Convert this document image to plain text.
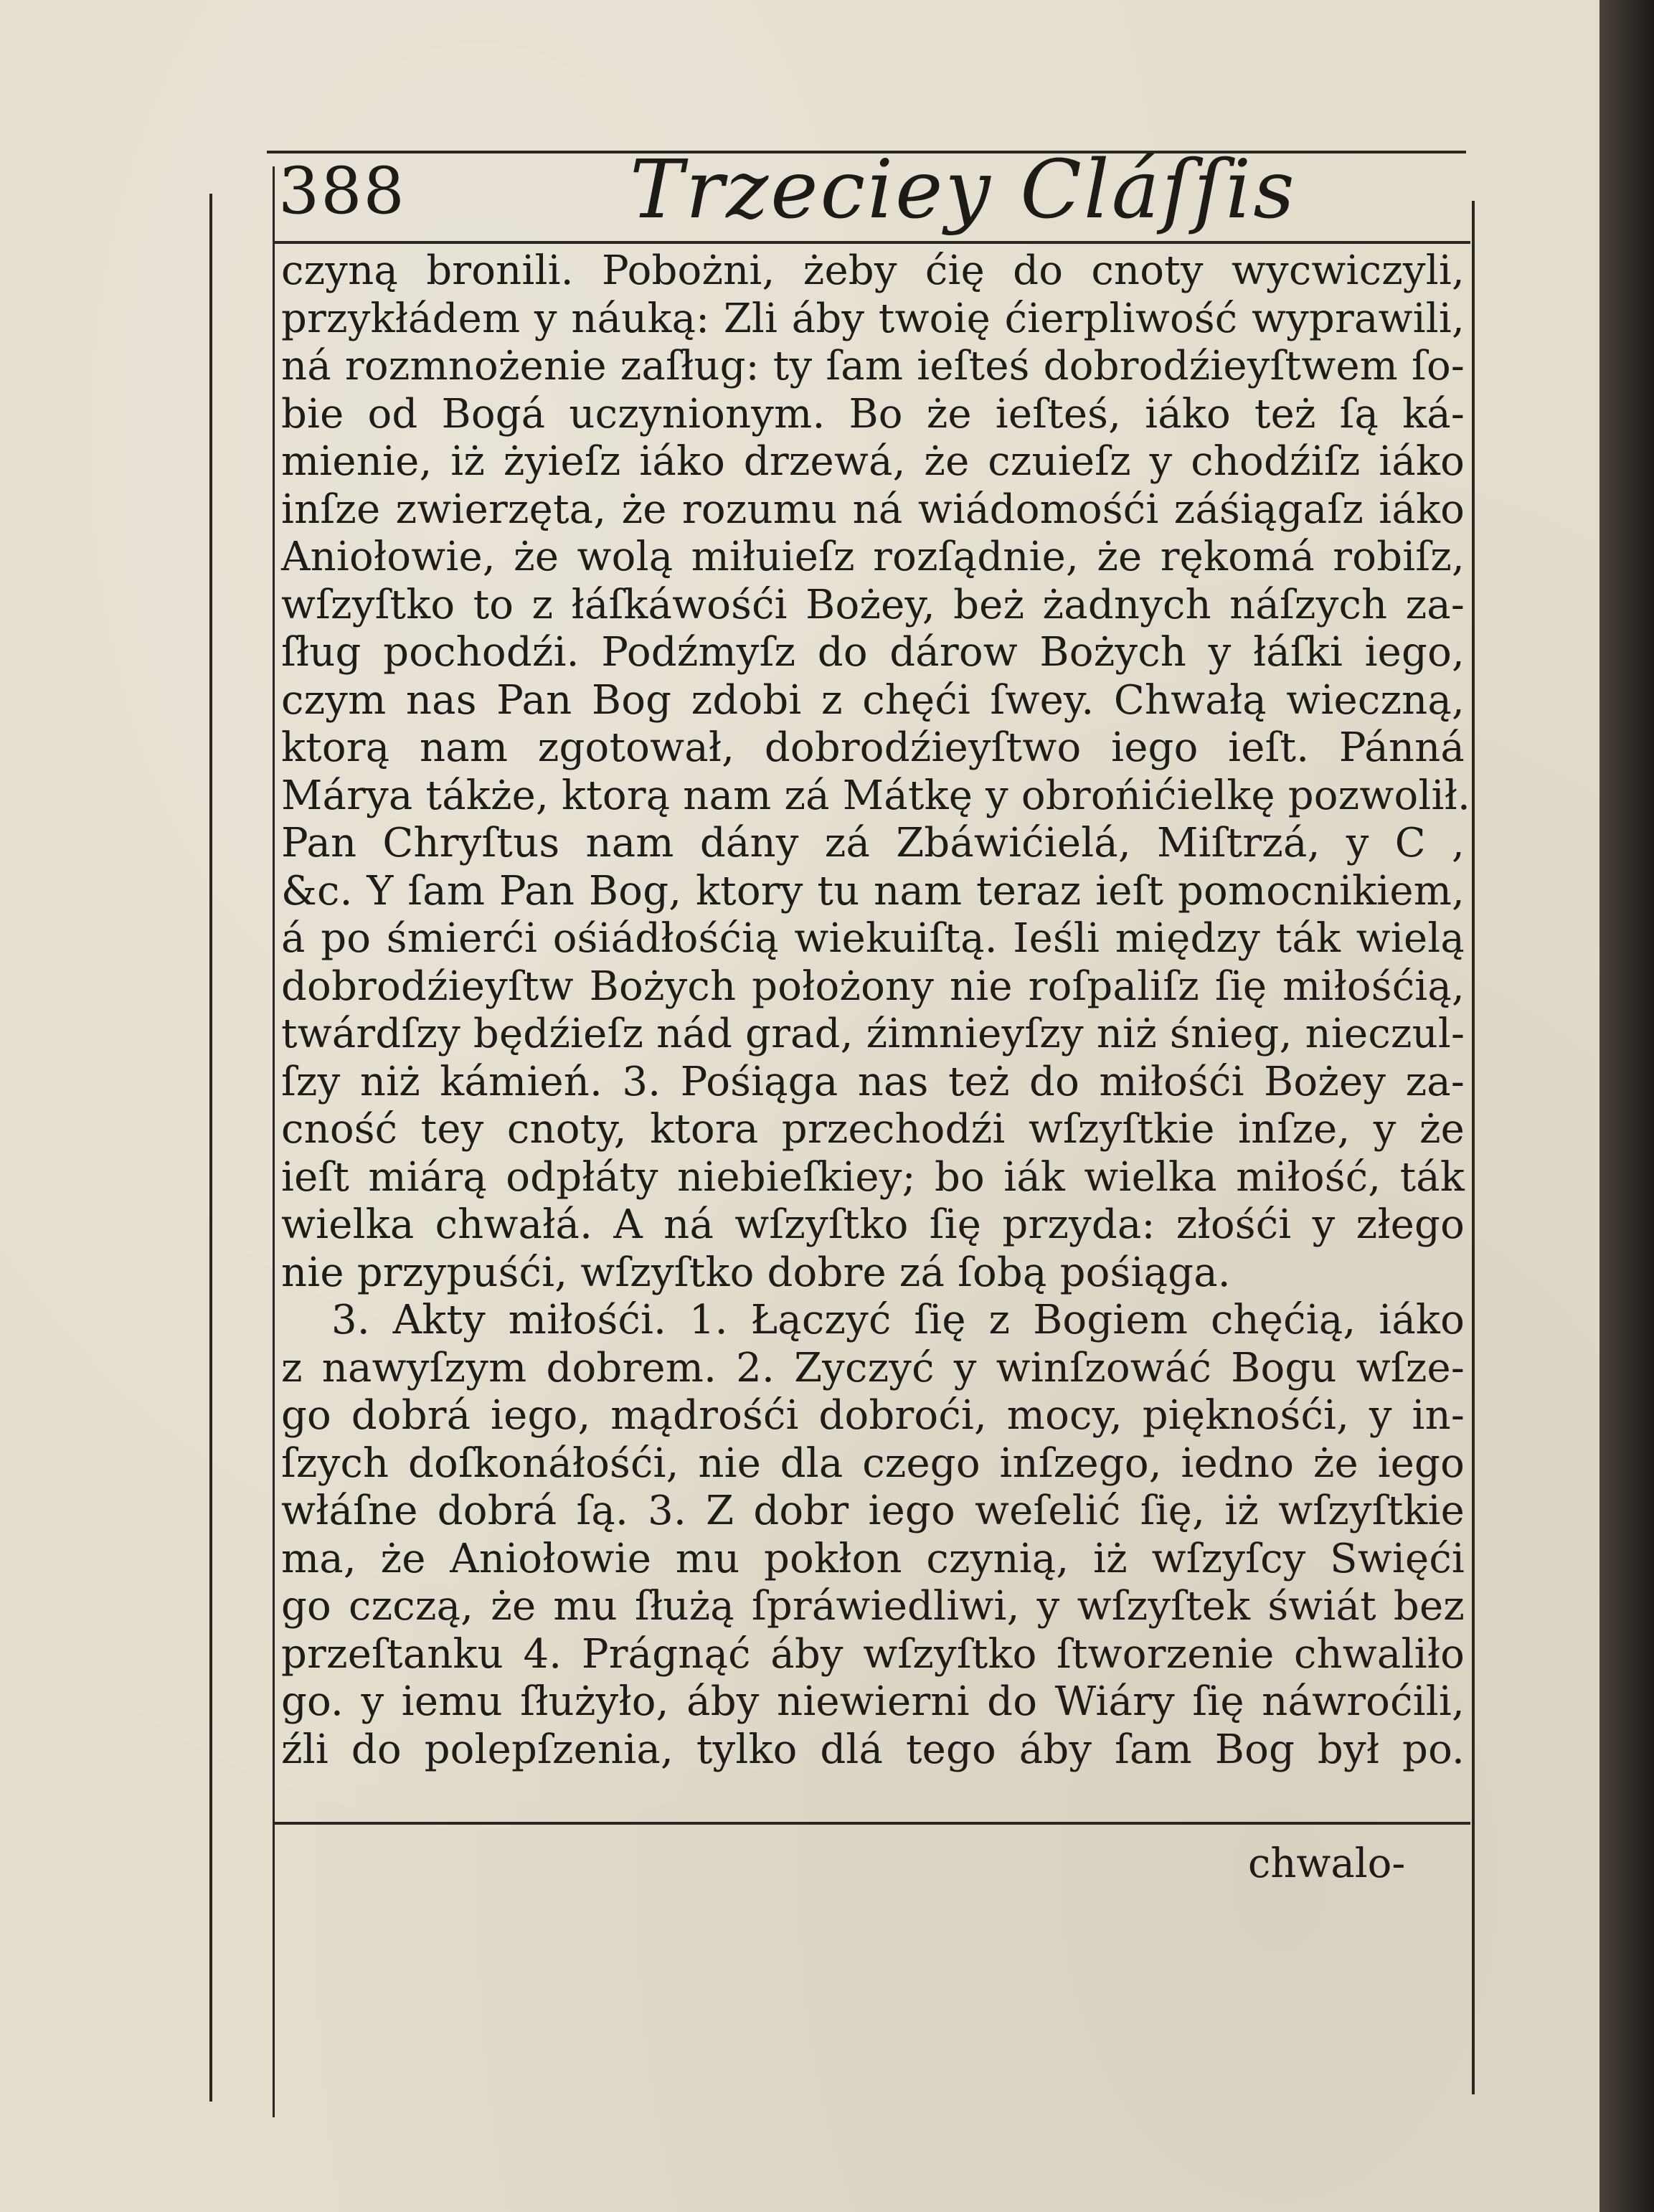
388	Trzeciey Cláſſis
czyną bronili. Pobożni, żeby ćię do cnoty wycwiczyli,
przykłádem y náuką: Zli áby twoię ćierpliwość wyprawili,
ná rozmnożenie zaſług: ty ſam ieſteś dobrodźieyſtwem ſo-
bie od Bogá uczynionym. Bo że ieſteś, iáko też ſą ká-
mienie, iż żyieſz iáko drzewá, że czuieſz y chodźiſz iáko
inſze zwierzęta, że rozumu ná wiádomośći záśiągaſz iáko
Aniołowie, że wolą miłuieſz rozſądnie, że rękomá robiſz,
wſzyſtko to z łáſkáwośći Bożey, beż żadnych náſzych za-
ſług pochodźi. Podźmyſz do dárow Bożych y łáſki iego,
czym nas Pan Bog zdobi z chęći ſwey. Chwałą wieczną,
ktorą nam zgotował, dobrodźieyſtwo iego ieſt. Pánná
Márya tákże, ktorą nam zá Mátkę y obrońićielkę pozwolił.
Pan Chryſtus nam dány zá Zbáwićielá, Miſtrzá, y C ,
&c. Y ſam Pan Bog, ktory tu nam teraz ieſt pomocnikiem,
á po śmierći ośiádłośćią wiekuiſtą. Ieśli między ták wielą
dobrodźieyſtw Bożych położony nie roſpaliſz ſię miłośćią,
twárdſzy będźieſz nád grad, źimnieyſzy niż śnieg, nieczul-
ſzy niż kámień. 3. Pośiąga nas też do miłośći Bożey za-
cność tey cnoty, ktora przechodźi wſzyſtkie inſze, y że
ieſt miárą odpłáty niebieſkiey; bo iák wielka miłość, ták
wielka chwałá. A ná wſzyſtko ſię przyda: złośći y złego
nie przypuśći, wſzyſtko dobre zá ſobą pośiąga.
3. Akty miłośći. 1. Łączyć ſię z Bogiem chęćią, iáko
z nawyſzym dobrem. 2. Zyczyć y winſzowáć Bogu wſze-
go dobrá iego, mądrośći dobroći, mocy, pięknośći, y in-
ſzych doſkonáłośći, nie dla czego inſzego, iedno że iego
włáſne dobrá ſą. 3. Z dobr iego weſelić ſię, iż wſzyſtkie
ma, że Aniołowie mu pokłon czynią, iż wſzyſcy Swięći
go czczą, że mu ſłużą ſpráwiedliwi, y wſzyſtek świát bez
przeſtanku 4. Prágnąć áby wſzyſtko ſtworzenie chwaliło
go. y iemu ſłużyło, áby niewierni do Wiáry ſię náwroćili,
źli do polepſzenia, tylko dlá tego áby ſam Bog był po.
chwalo-
